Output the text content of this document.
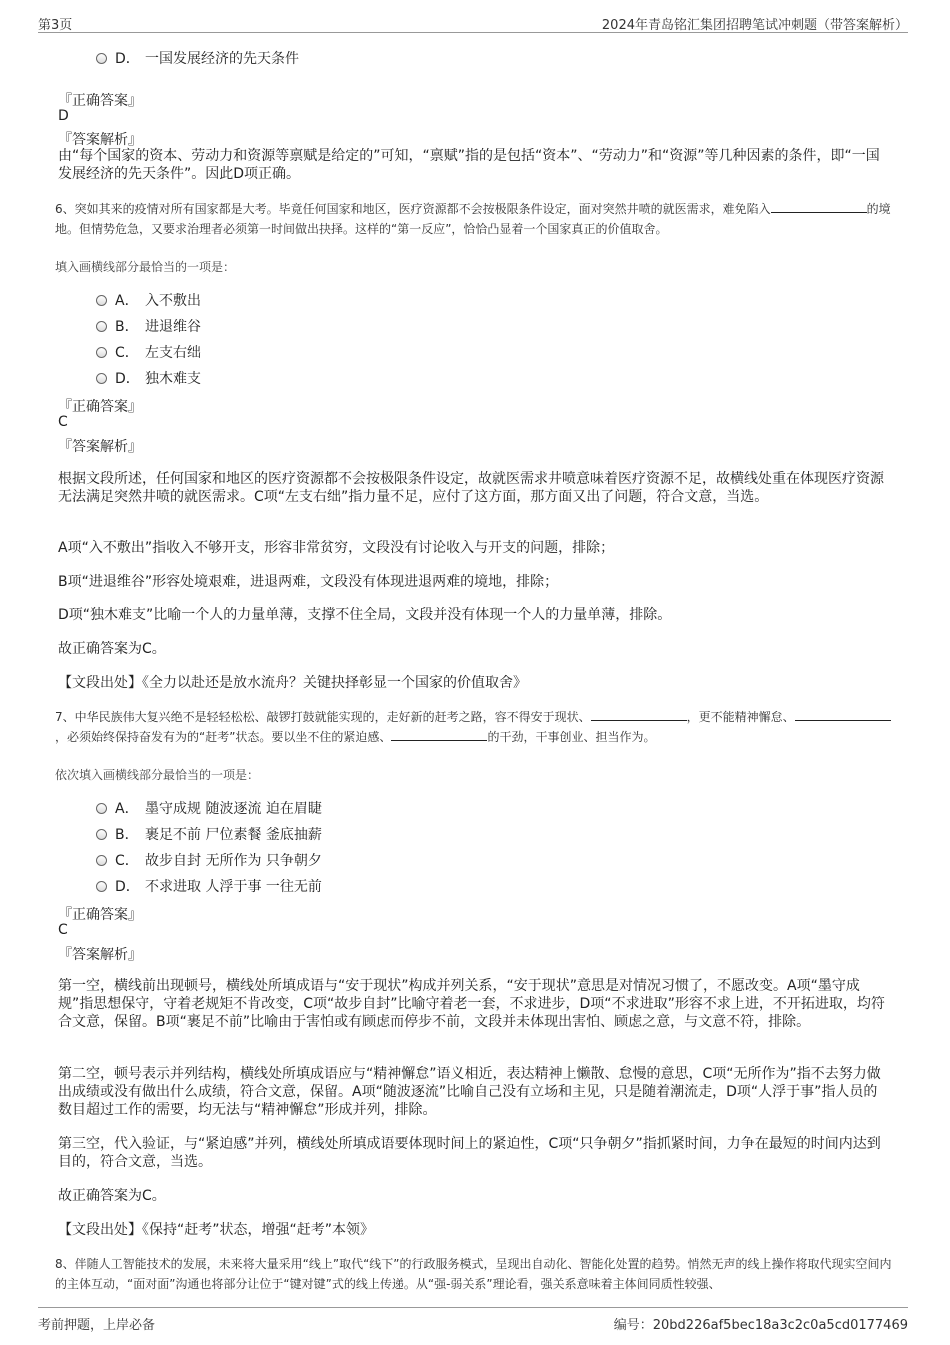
第3页	2024年青岛铭汇集团招聘笔试冲刺题（带答案解析）
D． 一国发展经济的先天条件
『正确答案』
D
『答案解析』
由“每个国家的资本、劳动力和资源等禀赋是给定的”可知，“禀赋”指的是包括“资本”、“劳动力”和“资源”等几种因素的条件，即“一国发展经济的先天条件”。因此D项正确。
6、突如其来的疫情对所有国家都是大考。毕竟任何国家和地区，医疗资源都不会按极限条件设定，面对突然井喷的就医需求，难免陷入	的境地。但情势危急，又要求治理者必须第一时间做出抉择。这样的“第一反应”，恰恰凸显着一个国家真正的价值取舍。
填入画横线部分最恰当的一项是：
A． 入不敷出
B． 进退维谷
C． 左支右绌
D． 独木难支
『正确答案』
C
『答案解析』
根据文段所述，任何国家和地区的医疗资源都不会按极限条件设定，故就医需求井喷意味着医疗资源不足，故横线处重在体现医疗资源无法满足突然井喷的就医需求。C项“左支右绌”指力量不足，应付了这方面，那方面又出了问题，符合文意，当选。
A项“入不敷出”指收入不够开支，形容非常贫穷，文段没有讨论收入与开支的问题，排除；
B项“进退维谷”形容处境艰难，进退两难，文段没有体现进退两难的境地，排除；
D项“独木难支”比喻一个人的力量单薄，支撑不住全局，文段并没有体现一个人的力量单薄，排除。
故正确答案为C。
【文段出处】《全力以赴还是放水流舟？关键抉择彰显一个国家的价值取舍》
7、中华民族伟大复兴绝不是轻轻松松、敲锣打鼓就能实现的，走好新的赶考之路，容不得安于现状、	，更不能精神懈怠、，必须始终保持奋发有为的“赶考”状态。要以坐不住的紧迫感、	的干劲，干事创业、担当作为。
依次填入画横线部分最恰当的一项是：
A． 墨守成规 随波逐流 迫在眉睫
B． 裹足不前 尸位素餐 釜底抽薪
C． 故步自封 无所作为 只争朝夕
D． 不求进取 人浮于事 一往无前
『正确答案』
C
『答案解析』
第一空，横线前出现顿号，横线处所填成语与“安于现状”构成并列关系，“安于现状”意思是对情况习惯了，不愿改变。A项“墨守成规”指思想保守，守着老规矩不肯改变，C项“故步自封”比喻守着老一套，不求进步，D项“不求进取”形容不求上进，不开拓进取，均符合文意，保留。B项“裹足不前”比喻由于害怕或有顾虑而停步不前，文段并未体现出害怕、顾虑之意，与文意不符，排除。
第二空，顿号表示并列结构，横线处所填成语应与“精神懈怠”语义相近，表达精神上懒散、怠慢的意思，C项“无所作为”指不去努力做出成绩或没有做出什么成绩，符合文意，保留。A项“随波逐流”比喻自己没有立场和主见，只是随着潮流走，D项“人浮于事”指人员的数目超过工作的需要，均无法与“精神懈怠”形成并列，排除。
第三空，代入验证，与“紧迫感”并列，横线处所填成语要体现时间上的紧迫性，C项“只争朝夕”指抓紧时间，力争在最短的时间内达到目的，符合文意，当选。
故正确答案为C。
【文段出处】《保持“赶考”状态，增强“赶考”本领》
8、伴随人工智能技术的发展，未来将大量采用“线上”取代“线下”的行政服务模式，呈现出自动化、智能化处置的趋势。悄然无声的线上操作将取代现实空间内的主体互动，“面对面”沟通也将部分让位于“键对键”式的线上传递。从“强-弱关系”理论看，强关系意味着主体间同质性较强、
考前押题，上岸必备	编号：20bd226af5bec18a3c2c0a5cd0177469
